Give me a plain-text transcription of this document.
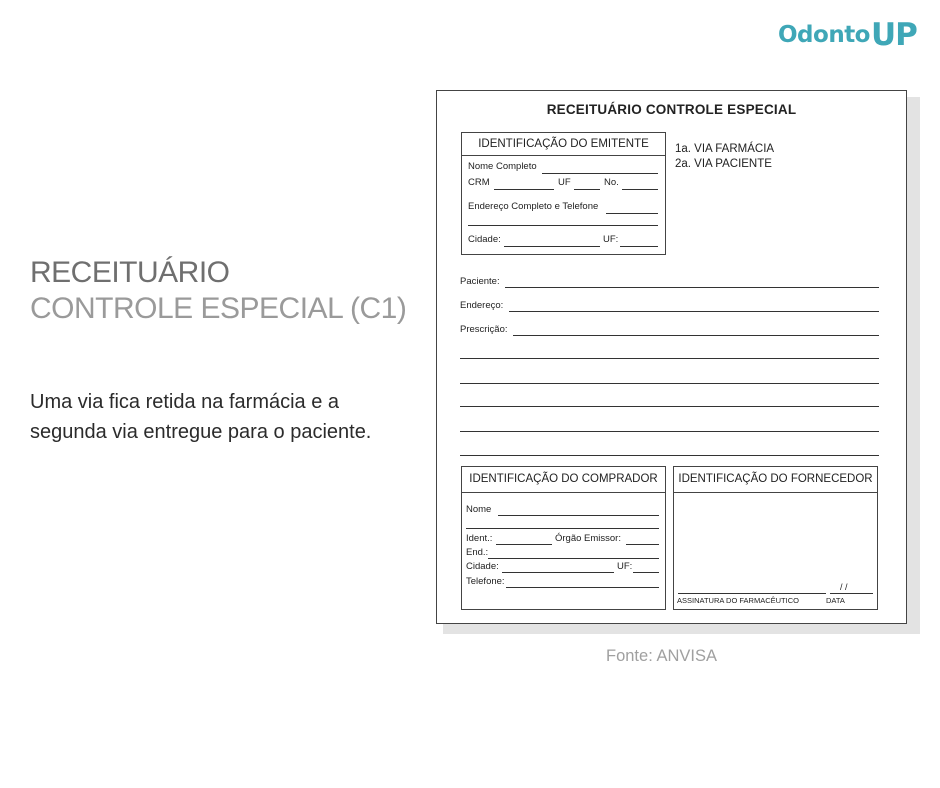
Odonto UP
RECEITUÁRIO
CONTROLE ESPECIAL (C1)
Uma via fica retida na farmácia e a segunda via entregue para o paciente.
RECEITUÁRIO CONTROLE ESPECIAL
IDENTIFICAÇÃO DO EMITENTE
Nome Completo
CRM	UF	No.
Endereço Completo e Telefone
Cidade:	UF:
1a. VIA FARMÁCIA
2a. VIA PACIENTE
Paciente:
Endereço:
Prescrição:
IDENTIFICAÇÃO DO COMPRADOR
Nome
Ident.:	Órgão Emissor:
End.:
Cidade:	UF:
Telefone:
IDENTIFICAÇÃO DO FORNECEDOR
/ /
ASSINATURA DO FARMACÊUTICO	DATA
Fonte: ANVISA
